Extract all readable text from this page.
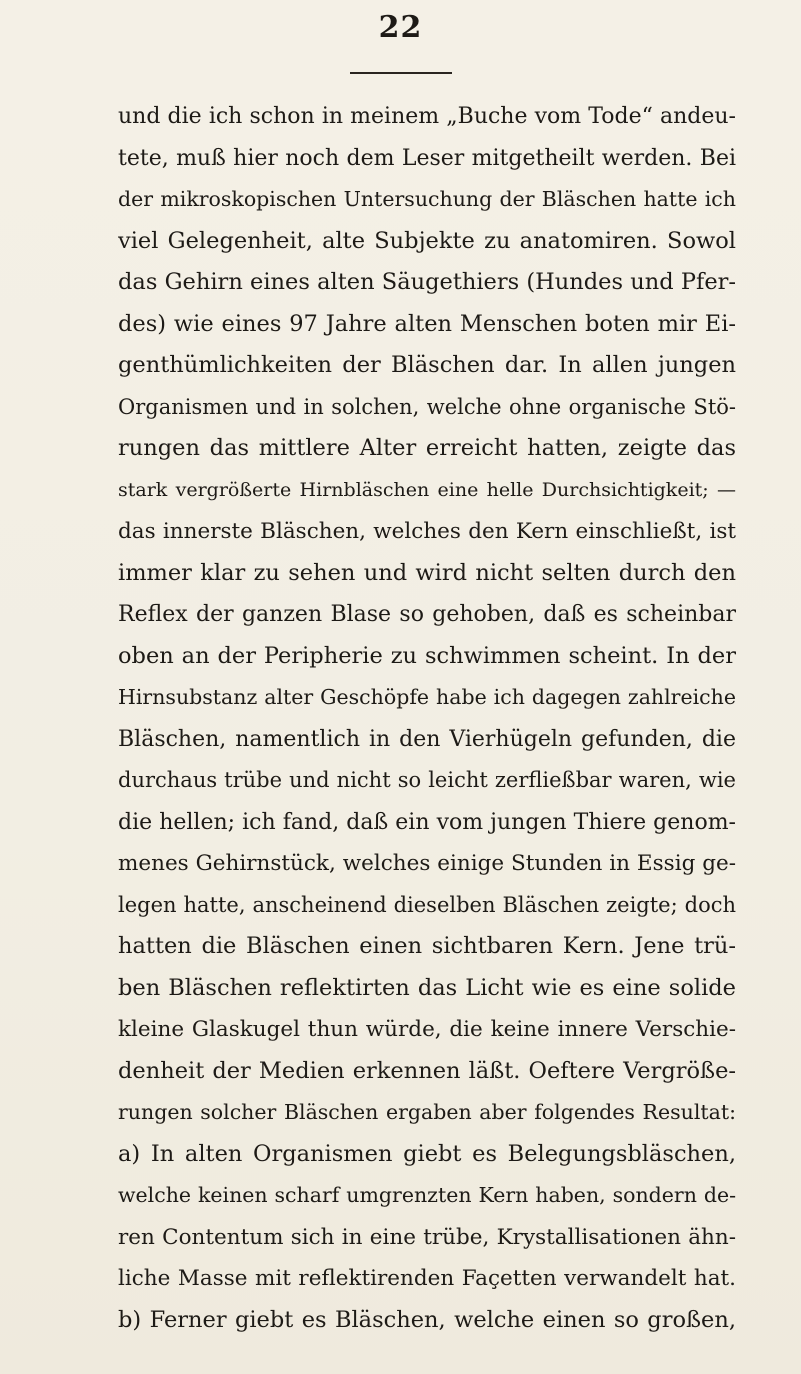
22
und die ich schon in meinem „Buche vom Tode“ andeu-
tete, muß hier noch dem Leser mitgetheilt werden. Bei
der mikroskopischen Untersuchung der Bläschen hatte ich
viel Gelegenheit, alte Subjekte zu anatomiren. Sowol
das Gehirn eines alten Säugethiers (Hundes und Pfer-
des) wie eines 97 Jahre alten Menschen boten mir Ei-
genthümlichkeiten der Bläschen dar. In allen jungen
Organismen und in solchen, welche ohne organische Stö-
rungen das mittlere Alter erreicht hatten, zeigte das
stark vergrößerte Hirnbläschen eine helle Durchsichtigkeit; —
das innerste Bläschen, welches den Kern einschließt, ist
immer klar zu sehen und wird nicht selten durch den
Reflex der ganzen Blase so gehoben, daß es scheinbar
oben an der Peripherie zu schwimmen scheint. In der
Hirnsubstanz alter Geschöpfe habe ich dagegen zahlreiche
Bläschen, namentlich in den Vierhügeln gefunden, die
durchaus trübe und nicht so leicht zerfließbar waren, wie
die hellen; ich fand, daß ein vom jungen Thiere genom-
menes Gehirnstück, welches einige Stunden in Essig ge-
legen hatte, anscheinend dieselben Bläschen zeigte; doch
hatten die Bläschen einen sichtbaren Kern. Jene trü-
ben Bläschen reflektirten das Licht wie es eine solide
kleine Glaskugel thun würde, die keine innere Verschie-
denheit der Medien erkennen läßt. Oeftere Vergröße-
rungen solcher Bläschen ergaben aber folgendes Resultat:
a) In alten Organismen giebt es Belegungsbläschen,
welche keinen scharf umgrenzten Kern haben, sondern de-
ren Contentum sich in eine trübe, Krystallisationen ähn-
liche Masse mit reflektirenden Façetten verwandelt hat.
b) Ferner giebt es Bläschen, welche einen so großen,
